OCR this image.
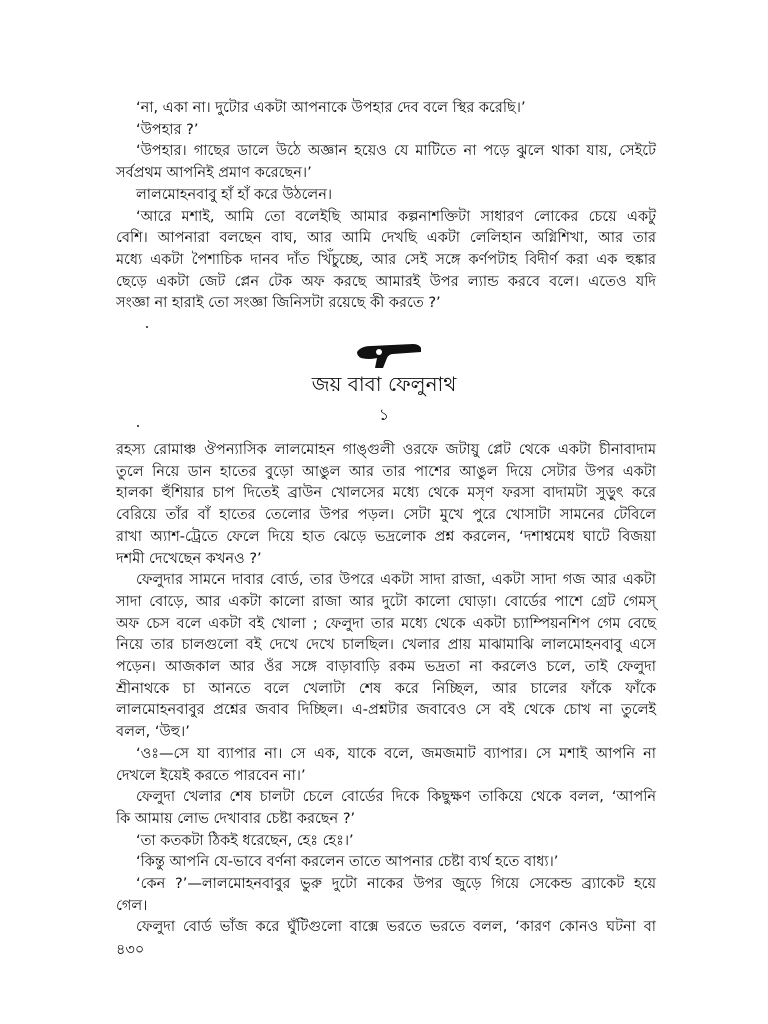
‘না, একা না। দুটোর একটা আপনাকে উপহার দেব বলে স্থির করেছি।’

‘উপহার ?’

‘উপহার। গাছের ডালে উঠে অজ্ঞান হয়েও যে মাটিতে না পড়ে ঝুলে থাকা যায়, সেইটে
সর্বপ্রথম আপনিই প্রমাণ করেছেন।’

লালমোহনবাবু হাঁ হাঁ করে উঠলেন।

‘আরে মশাই, আমি তো বলেইছি আমার কল্পনাশক্তিটা সাধারণ লোকের চেয়ে একটু
বেশি। আপনারা বলছেন বাঘ, আর আমি দেখছি একটা লেলিহান অগ্নিশিখা, আর তার
মধ্যে একটা পৈশাচিক দানব দাঁত খিঁচুচ্ছে, আর সেই সঙ্গে কর্ণপটাহ বিদীর্ণ করা এক হুঙ্কার
ছেড়ে একটা জেট প্লেন টেক অফ করছে আমারই উপর ল্যান্ড করবে বলে। এতেও যদি
সংজ্ঞা না হারাই তো সংজ্ঞা জিনিসটা রয়েছে কী করতে ?’

জয় বাবা ফেলুনাথ
১

রহস্য রোমাঞ্চ ঔপন্যাসিক লালমোহন গাঙ্গুলী ওরফে জটায়ু প্লেট থেকে একটা চীনাবাদাম
তুলে নিয়ে ডান হাতের বুড়ো আঙুল আর তার পাশের আঙুল দিয়ে সেটার উপর একটা
হালকা হুঁশিয়ার চাপ দিতেই ব্রাউন খোলসের মধ্যে থেকে মসৃণ ফরসা বাদামটা সুড়ুৎ করে
বেরিয়ে তাঁর বাঁ হাতের তেলোর উপর পড়ল। সেটা মুখে পুরে খোসাটা সামনের টেবিলে
রাখা অ্যাশ-ট্রেতে ফেলে দিয়ে হাত ঝেড়ে ভদ্রলোক প্রশ্ন করলেন, ‘দশাশ্বমেধ ঘাটে বিজয়া
দশমী দেখেছেন কখনও ?’

ফেলুদার সামনে দাবার বোর্ড, তার উপরে একটা সাদা রাজা, একটা সাদা গজ আর একটা
সাদা বোড়ে, আর একটা কালো রাজা আর দুটো কালো ঘোড়া। বোর্ডের পাশে গ্রেট গেমস্
অফ চেস বলে একটা বই খোলা ; ফেলুদা তার মধ্যে থেকে একটা চ্যাম্পিয়নশিপ গেম বেছে
নিয়ে তার চালগুলো বই দেখে দেখে চালছিল। খেলার প্রায় মাঝামাঝি লালমোহনবাবু এসে
পড়েন। আজকাল আর ওঁর সঙ্গে বাড়াবাড়ি রকম ভদ্রতা না করলেও চলে, তাই ফেলুদা
শ্রীনাথকে চা আনতে বলে খেলাটা শেষ করে নিচ্ছিল, আর চালের ফাঁকে ফাঁকে
লালমোহনবাবুর প্রশ্নের জবাব দিচ্ছিল। এ-প্রশ্নটার জবাবেও সে বই থেকে চোখ না তুলেই
বলল, ‘উহু।’

‘ওঃ—সে যা ব্যাপার না। সে এক, যাকে বলে, জমজমাট ব্যাপার। সে মশাই আপনি না
দেখলে ইয়েই করতে পারবেন না।’

ফেলুদা খেলার শেষ চালটা চেলে বোর্ডের দিকে কিছুক্ষণ তাকিয়ে থেকে বলল, ‘আপনি
কি আমায় লোভ দেখাবার চেষ্টা করছেন ?’

‘তা কতকটা ঠিকই ধরেছেন, হেঃ হেঃ।’

‘কিন্তু আপনি যে-ভাবে বর্ণনা করলেন তাতে আপনার চেষ্টা ব্যর্থ হতে বাধ্য।’

‘কেন ?’—লালমোহনবাবুর ভুরু দুটো নাকের উপর জুড়ে গিয়ে সেকেন্ড ব্র্যাকেট হয়ে
গেল।

ফেলুদা বোর্ড ভাঁজ করে ঘুঁটিগুলো বাক্সে ভরতে ভরতে বলল, ‘কারণ কোনও ঘটনা বা

৪৩০
